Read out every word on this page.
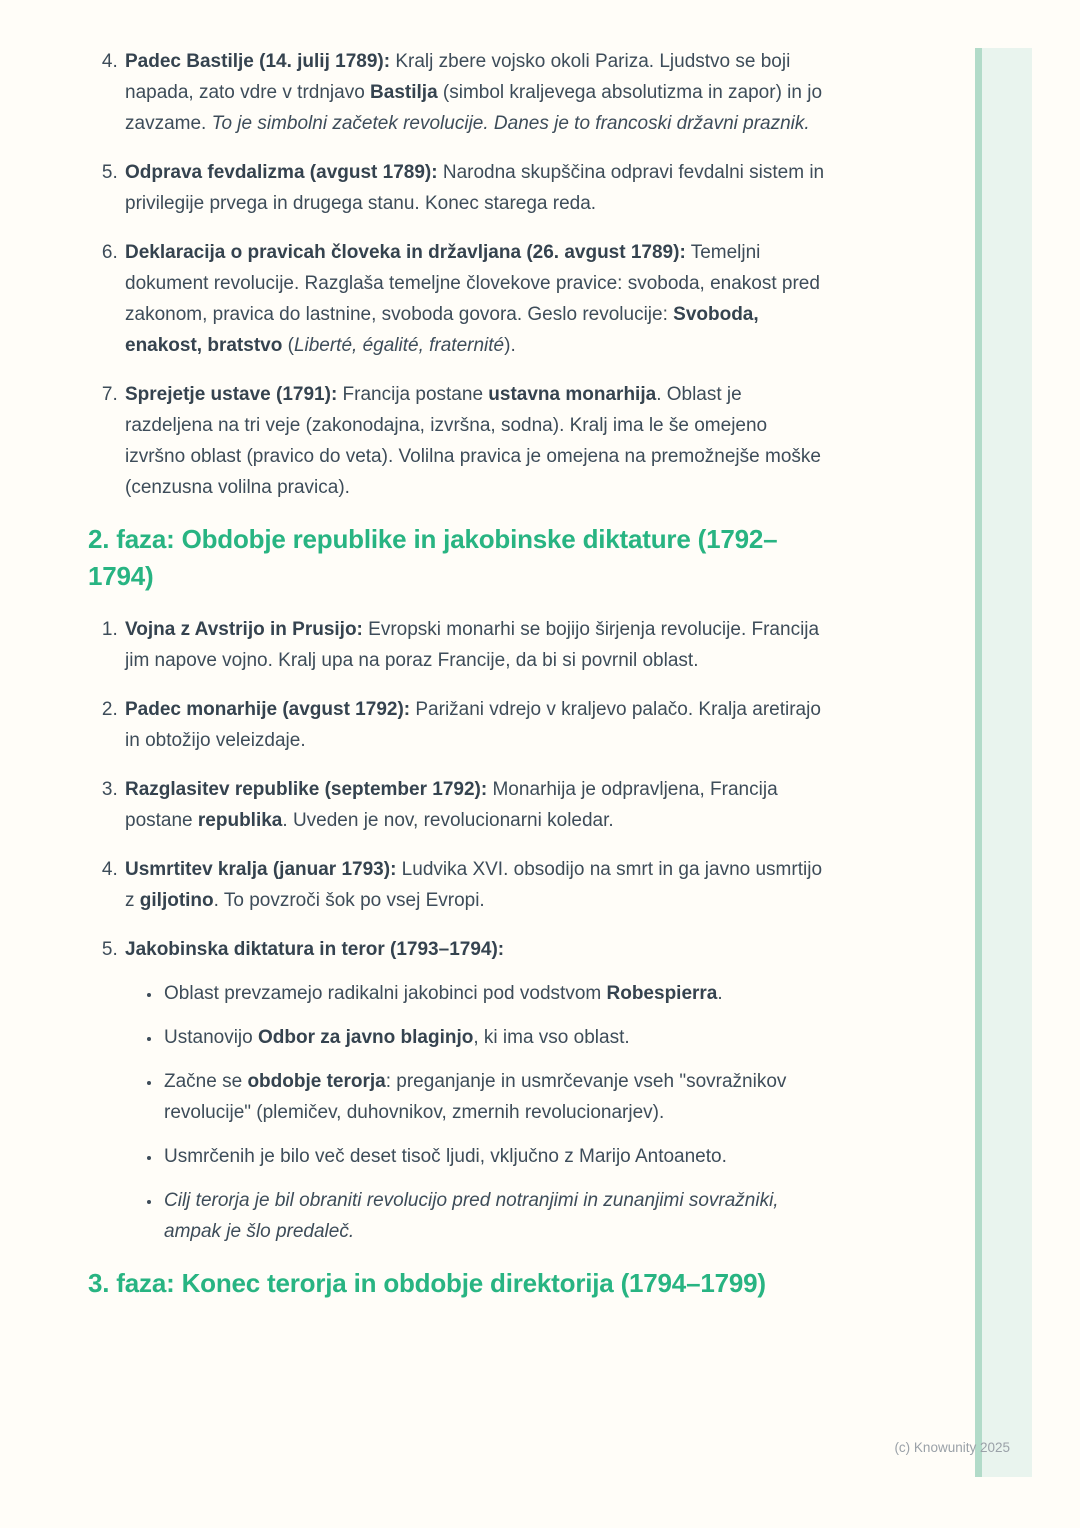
4. Padec Bastilje (14. julij 1789): Kralj zbere vojsko okoli Pariza. Ljudstvo se boji napada, zato vdre v trdnjavo Bastilja (simbol kraljevega absolutizma in zapor) in jo zavzame. To je simbolni začetek revolucije. Danes je to francoski državni praznik.
5. Odprava fevdalizma (avgust 1789): Narodna skupščina odpravi fevdalni sistem in privilegije prvega in drugega stanu. Konec starega reda.
6. Deklaracija o pravicah človeka in državljana (26. avgust 1789): Temeljni dokument revolucije. Razglaša temeljne človekove pravice: svoboda, enakost pred zakonom, pravica do lastnine, svoboda govora. Geslo revolucije: Svoboda, enakost, bratstvo (Liberté, égalité, fraternité).
7. Sprejetje ustave (1791): Francija postane ustavna monarhija. Oblast je razdeljena na tri veje (zakonodajna, izvršna, sodna). Kralj ima le še omejeno izvršno oblast (pravico do veta). Volilna pravica je omejena na premožnejše moške (cenzusna volilna pravica).
2. faza: Obdobje republike in jakobinske diktature (1792–1794)
1. Vojna z Avstrijo in Prusijo: Evropski monarhi se bojijo širjenja revolucije. Francija jim napove vojno. Kralj upa na poraz Francije, da bi si povrnil oblast.
2. Padec monarhije (avgust 1792): Parižani vdrejo v kraljevo palačo. Kralja aretirajo in obtožijo veleizdaje.
3. Razglasitev republike (september 1792): Monarhija je odpravljena, Francija postane republika. Uveden je nov, revolucionarni koledar.
4. Usmrtitev kralja (januar 1793): Ludvika XVI. obsodijo na smrt in ga javno usmrtijo z giljotino. To povzroči šok po vsej Evropi.
5. Jakobinska diktatura in teror (1793–1794):
• Oblast prevzamejo radikalni jakobinci pod vodstvom Robespierra.
• Ustanovijo Odbor za javno blaginjo, ki ima vso oblast.
• Začne se obdobje terorja: preganjanje in usmrčevanje vseh "sovražnikov revolucije" (plemičev, duhovnikov, zmernih revolucionarjev).
• Usmrčenih je bilo več deset tisoč ljudi, vključno z Marijo Antoaneto.
• Cilj terorja je bil obraniti revolucijo pred notranjimi in zunanjimi sovražniki, ampak je šlo predaleč.
3. faza: Konec terorja in obdobje direktorija (1794–1799)
(c) Knowunity 2025
